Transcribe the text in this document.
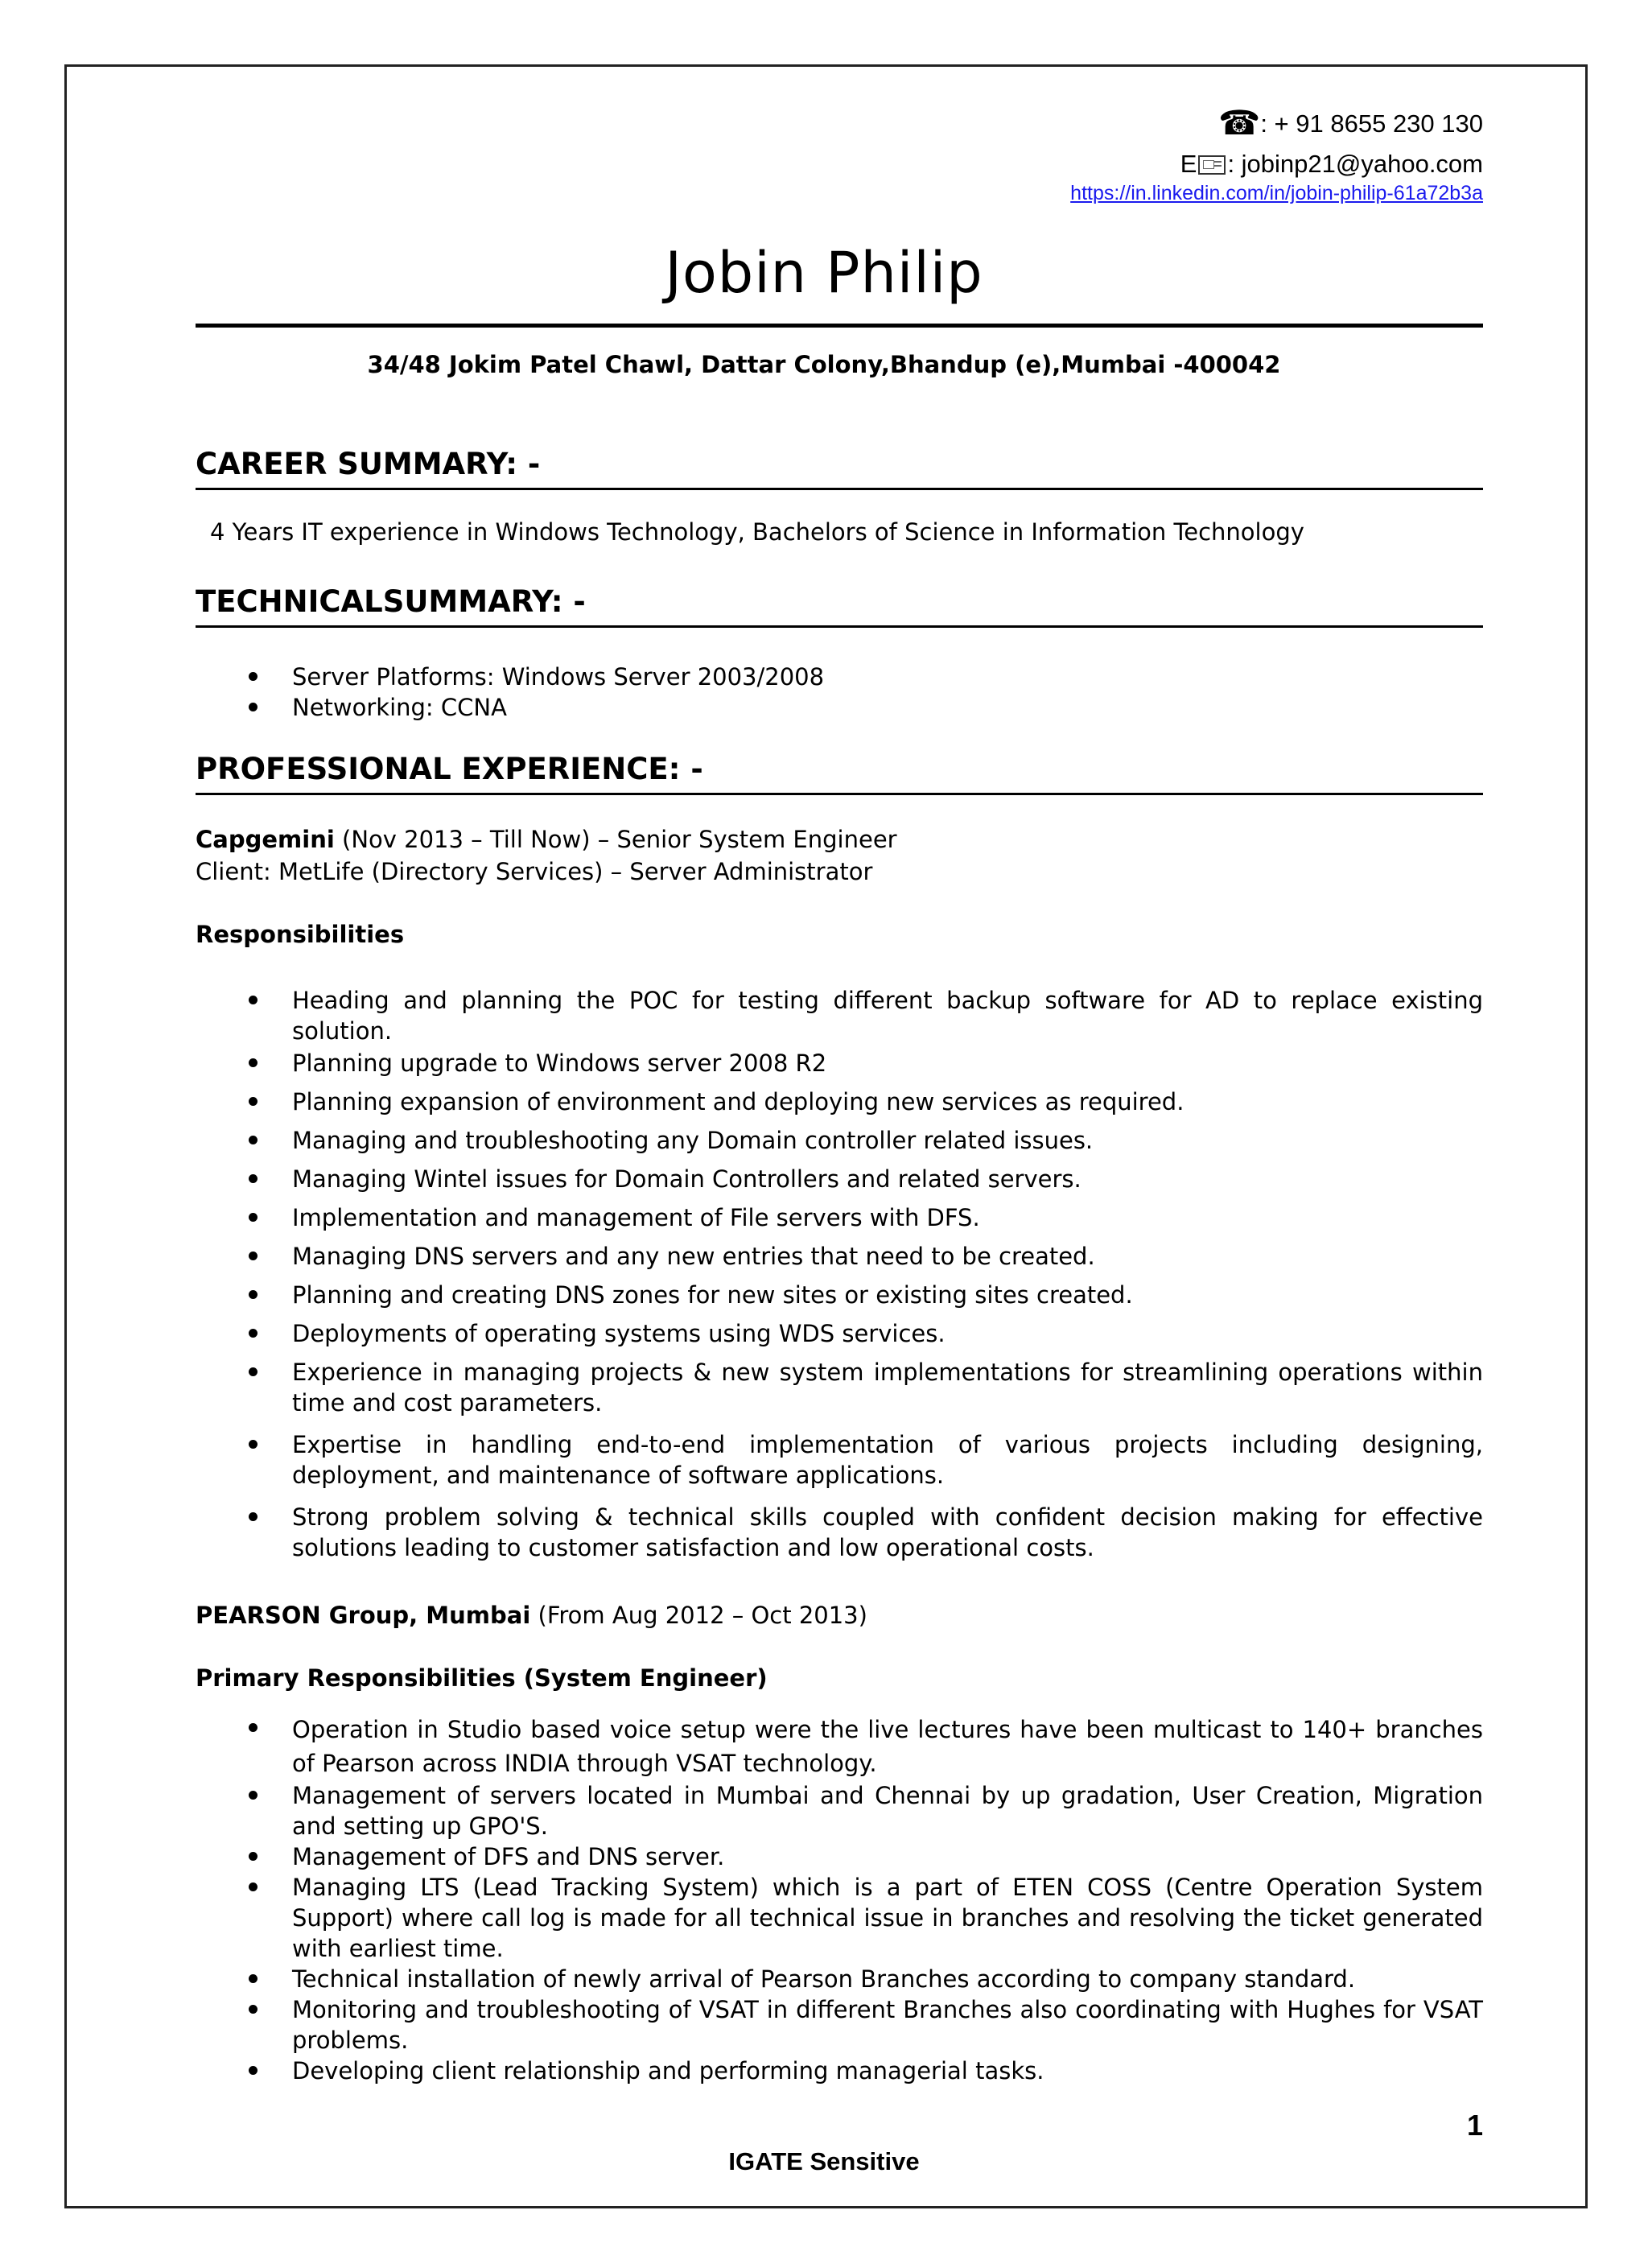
☎: + 91 8655 230 130
E : jobinp21@yahoo.com
https://in.linkedin.com/in/jobin-philip-61a72b3a
Jobin Philip
34/48 Jokim Patel Chawl, Dattar Colony,Bhandup (e),Mumbai -400042
CAREER SUMMARY: -
4 Years IT experience in Windows Technology, Bachelors of Science in Information Technology
TECHNICALSUMMARY: -
Server Platforms: Windows Server 2003/2008
Networking: CCNA
PROFESSIONAL EXPERIENCE: -
Capgemini (Nov 2013 – Till Now) – Senior System Engineer
Client: MetLife (Directory Services) – Server Administrator
Responsibilities
Heading and planning the POC for testing different backup software for AD to replace existing solution.
Planning upgrade to Windows server 2008 R2
Planning expansion of environment and deploying new services as required.
Managing and troubleshooting any Domain controller related issues.
Managing Wintel issues for Domain Controllers and related servers.
Implementation and management of File servers with DFS.
Managing DNS servers and any new entries that need to be created.
Planning and creating DNS zones for new sites or existing sites created.
Deployments of operating systems using WDS services.
Experience in managing projects & new system implementations for streamlining operations within time and cost parameters.
Expertise in handling end-to-end implementation of various projects including designing, deployment, and maintenance of software applications.
Strong problem solving & technical skills coupled with confident decision making for effective solutions leading to customer satisfaction and low operational costs.
PEARSON Group, Mumbai (From Aug 2012 – Oct 2013)
Primary Responsibilities (System Engineer)
Operation in Studio based voice setup were the live lectures have been multicast to 140+ branches of Pearson across INDIA through VSAT technology.
Management of servers located in Mumbai and Chennai by up gradation, User Creation, Migration and setting up GPO'S.
Management of DFS and DNS server.
Managing LTS (Lead Tracking System) which is a part of ETEN COSS (Centre Operation System Support) where call log is made for all technical issue in branches and resolving the ticket generated with earliest time.
Technical installation of newly arrival of Pearson Branches according to company standard.
Monitoring and troubleshooting of VSAT in different Branches also coordinating with Hughes for VSAT problems.
Developing client relationship and performing managerial tasks.
1
IGATE Sensitive
